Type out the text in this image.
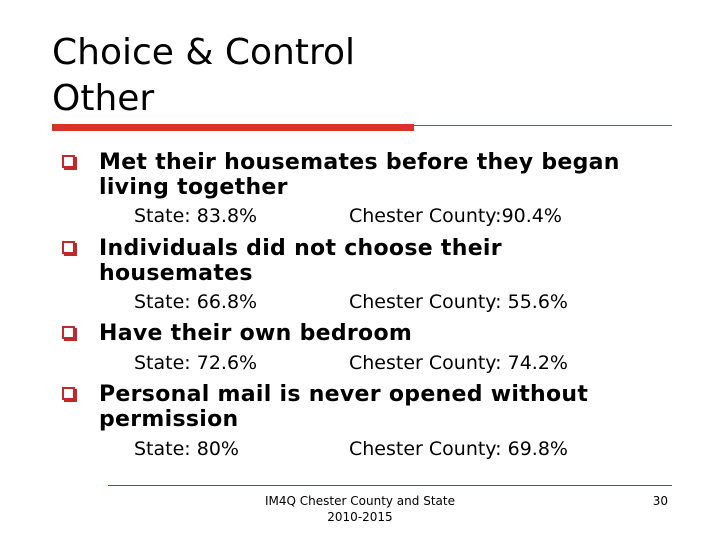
Choice & Control
Other
Met their housemates before they began
living together
State: 83.8%	Chester County:90.4%
Individuals did not choose their
housemates
State: 66.8%	Chester County: 55.6%
Have their own bedroom
State: 72.6%	Chester County: 74.2%
Personal mail is never opened without
permission
State: 80%	Chester County: 69.8%
IM4Q Chester County and State
2010-2015
30
